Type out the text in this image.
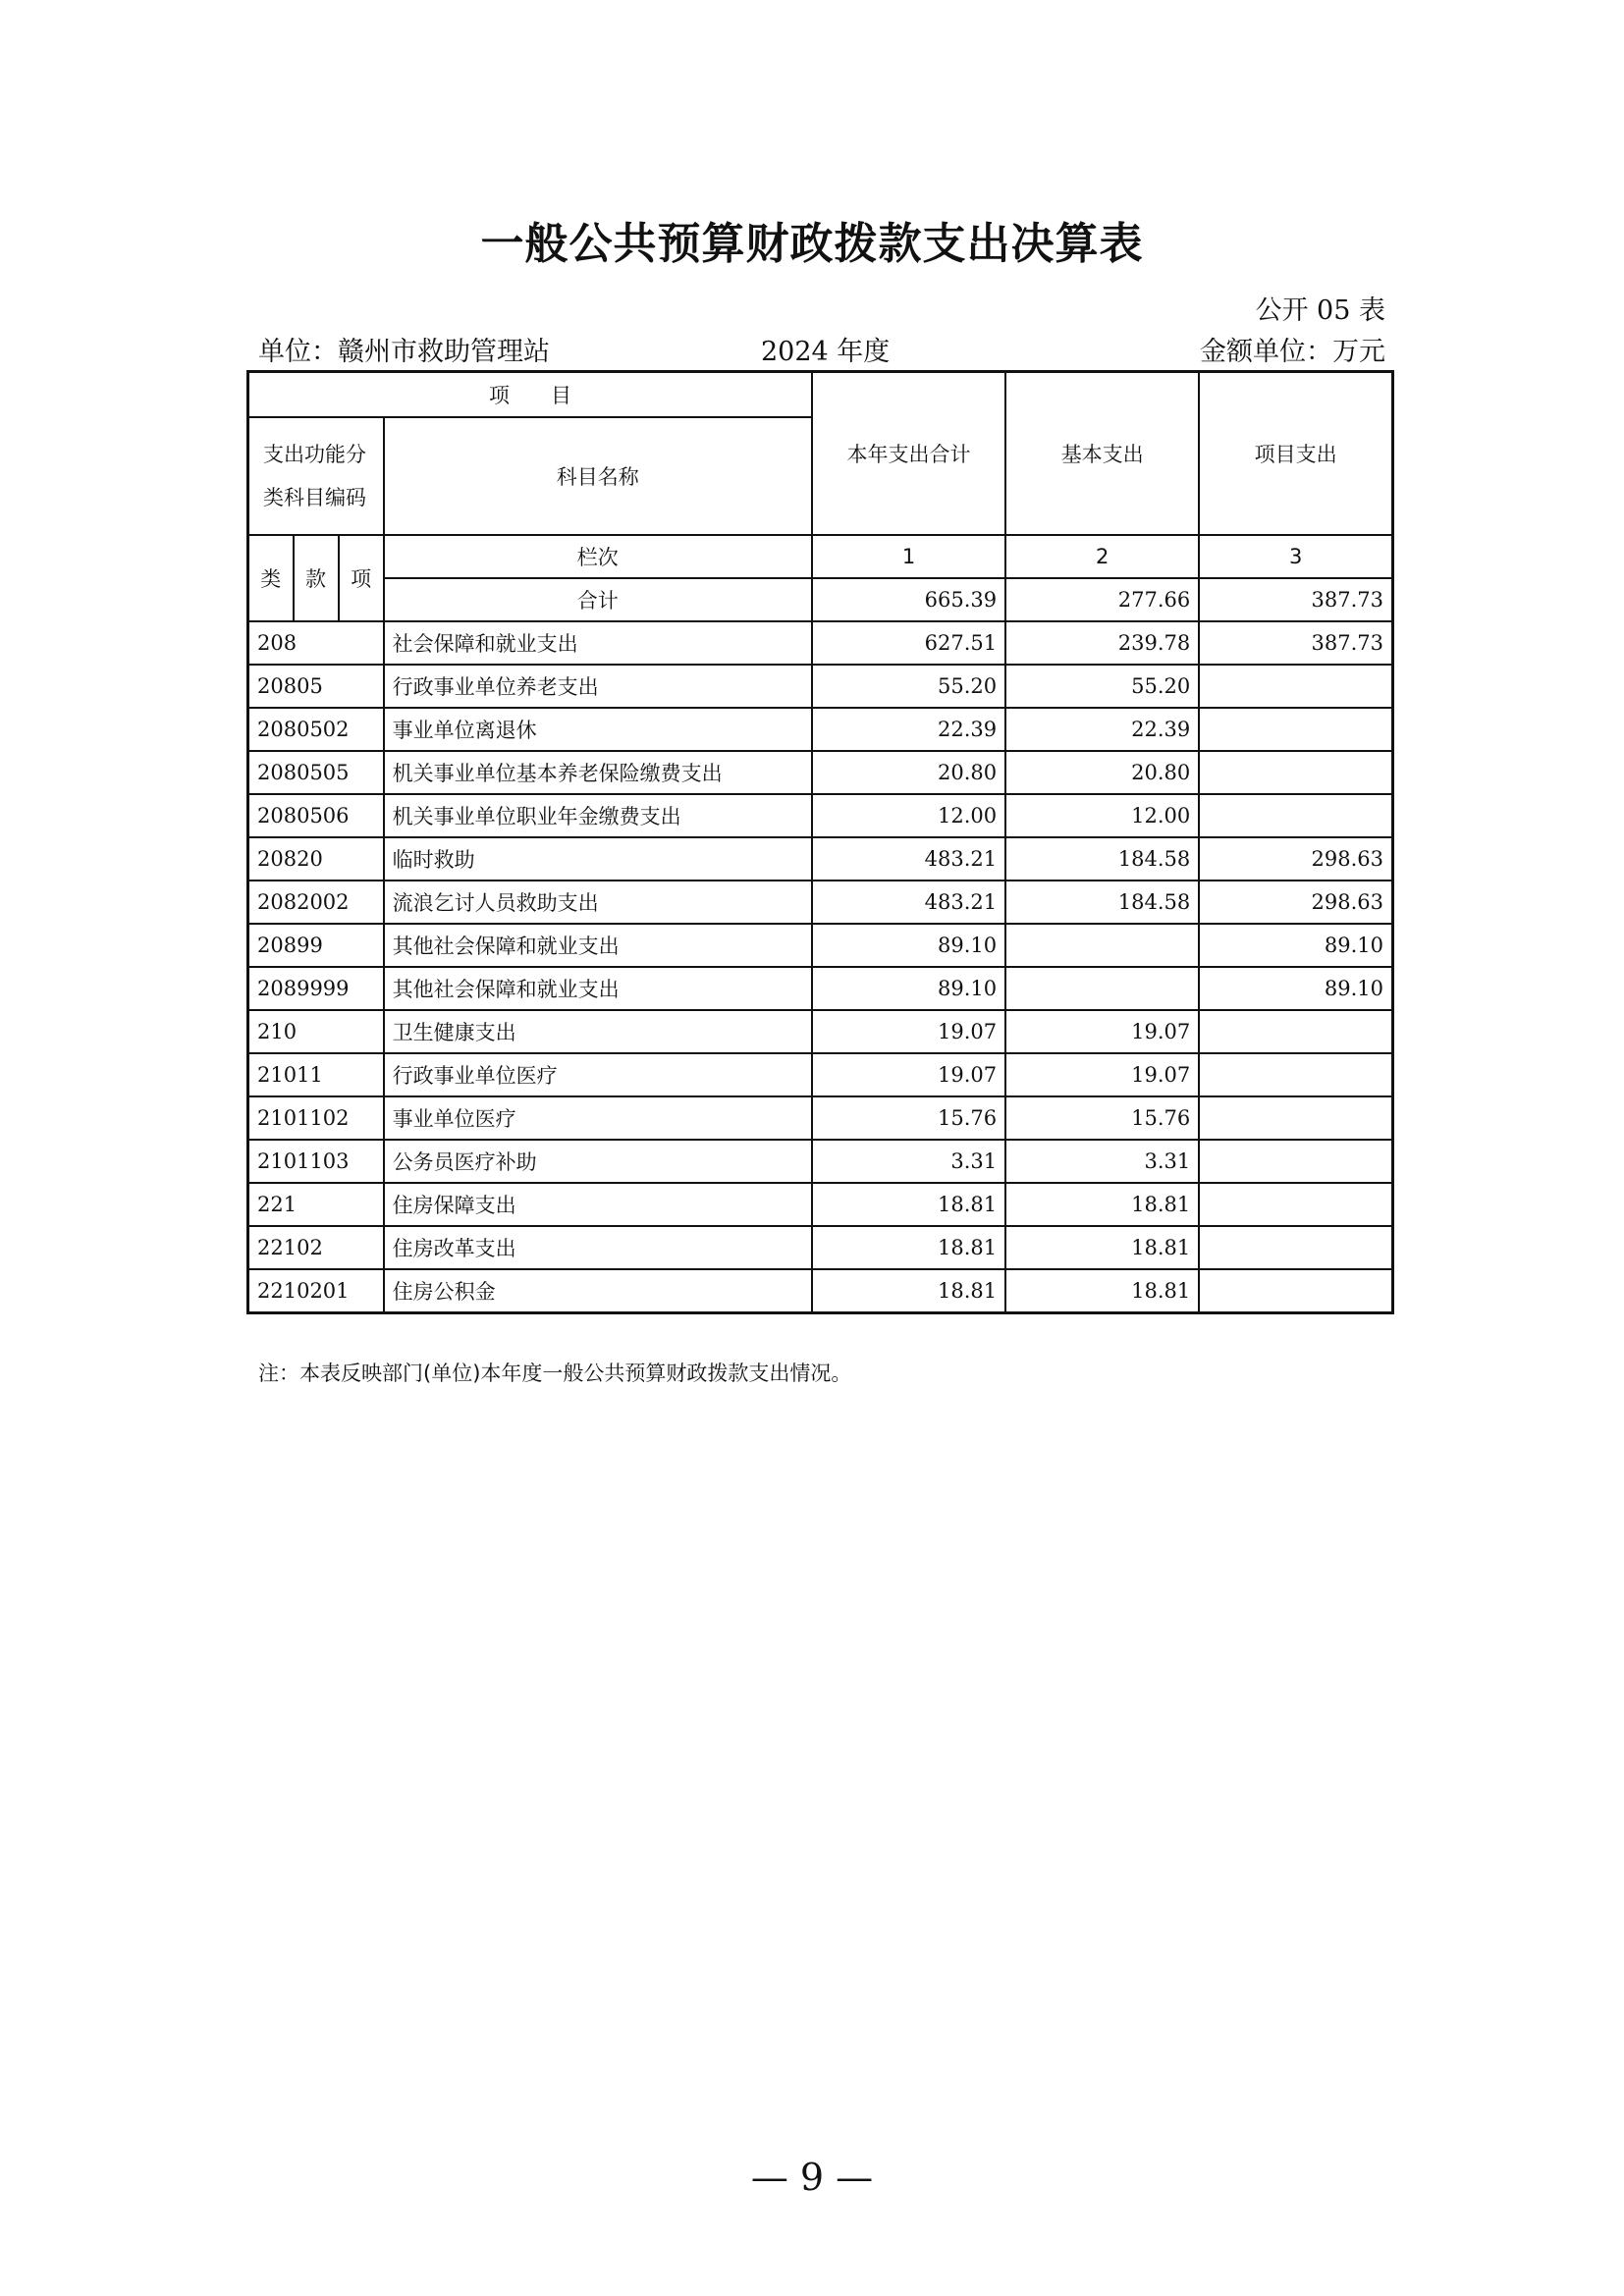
一般公共预算财政拨款支出决算表
公开 05 表
单位：赣州市救助管理站	2024 年度	金额单位：万元
项　　目				本年支出合计	基本支出	项目支出
支出功能分
类科目编码			科目名称			
类	款	项	栏次	1	2	3
			合计	665.39	277.66	387.73
208			社会保障和就业支出	627.51	239.78	387.73
20805			行政事业单位养老支出	55.20	55.20	
2080502			事业单位离退休	22.39	22.39	
2080505			机关事业单位基本养老保险缴费支出	20.80	20.80	
2080506			机关事业单位职业年金缴费支出	12.00	12.00	
20820			临时救助	483.21	184.58	298.63
2082002			流浪乞讨人员救助支出	483.21	184.58	298.63
20899			其他社会保障和就业支出	89.10		89.10
2089999			其他社会保障和就业支出	89.10		89.10
210			卫生健康支出	19.07	19.07	
21011			行政事业单位医疗	19.07	19.07	
2101102			事业单位医疗	15.76	15.76	
2101103			公务员医疗补助	3.31	3.31	
221			住房保障支出	18.81	18.81	
22102			住房改革支出	18.81	18.81	
2210201			住房公积金	18.81	18.81	
注：本表反映部门(单位)本年度一般公共预算财政拨款支出情况。
— 9 —
